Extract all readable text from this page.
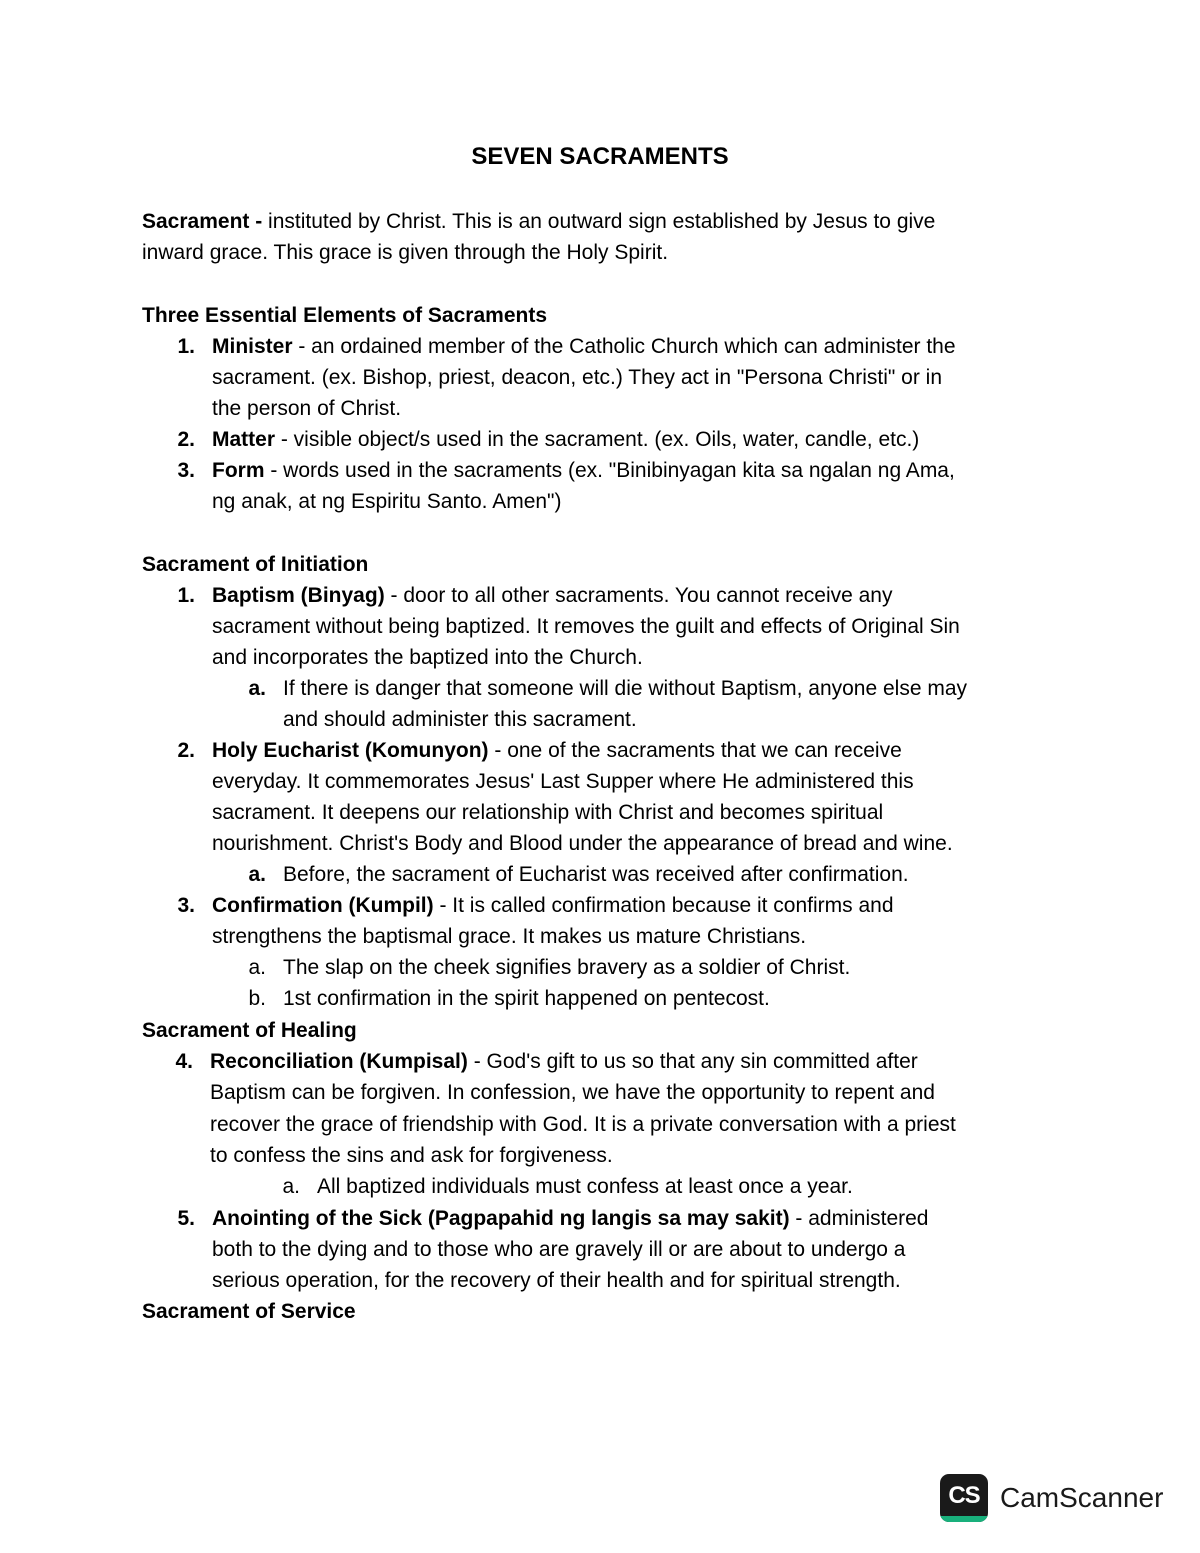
SEVEN SACRAMENTS
Sacrament - instituted by Christ. This is an outward sign established by Jesus to give
inward grace. This grace is given through the Holy Spirit.
Three Essential Elements of Sacraments
1. Minister - an ordained member of the Catholic Church which can administer the
sacrament. (ex. Bishop, priest, deacon, etc.) They act in "Persona Christi" or in
the person of Christ.
2. Matter - visible object/s used in the sacrament. (ex. Oils, water, candle, etc.)
3. Form - words used in the sacraments (ex. "Binibinyagan kita sa ngalan ng Ama,
ng anak, at ng Espiritu Santo. Amen")
Sacrament of Initiation
1. Baptism (Binyag) - door to all other sacraments. You cannot receive any
sacrament without being baptized. It removes the guilt and effects of Original Sin
and incorporates the baptized into the Church.
a. If there is danger that someone will die without Baptism, anyone else may
and should administer this sacrament.
2. Holy Eucharist (Komunyon) - one of the sacraments that we can receive
everyday. It commemorates Jesus' Last Supper where He administered this
sacrament. It deepens our relationship with Christ and becomes spiritual
nourishment. Christ's Body and Blood under the appearance of bread and wine.
a. Before, the sacrament of Eucharist was received after confirmation.
3. Confirmation (Kumpil) - It is called confirmation because it confirms and
strengthens the baptismal grace. It makes us mature Christians.
a. The slap on the cheek signifies bravery as a soldier of Christ.
b. 1st confirmation in the spirit happened on pentecost.
Sacrament of Healing
4. Reconciliation (Kumpisal) - God's gift to us so that any sin committed after
Baptism can be forgiven. In confession, we have the opportunity to repent and
recover the grace of friendship with God. It is a private conversation with a priest
to confess the sins and ask for forgiveness.
a. All baptized individuals must confess at least once a year.
5. Anointing of the Sick (Pagpapahid ng langis sa may sakit) - administered
both to the dying and to those who are gravely ill or are about to undergo a
serious operation, for the recovery of their health and for spiritual strength.
Sacrament of Service
CS CamScanner
